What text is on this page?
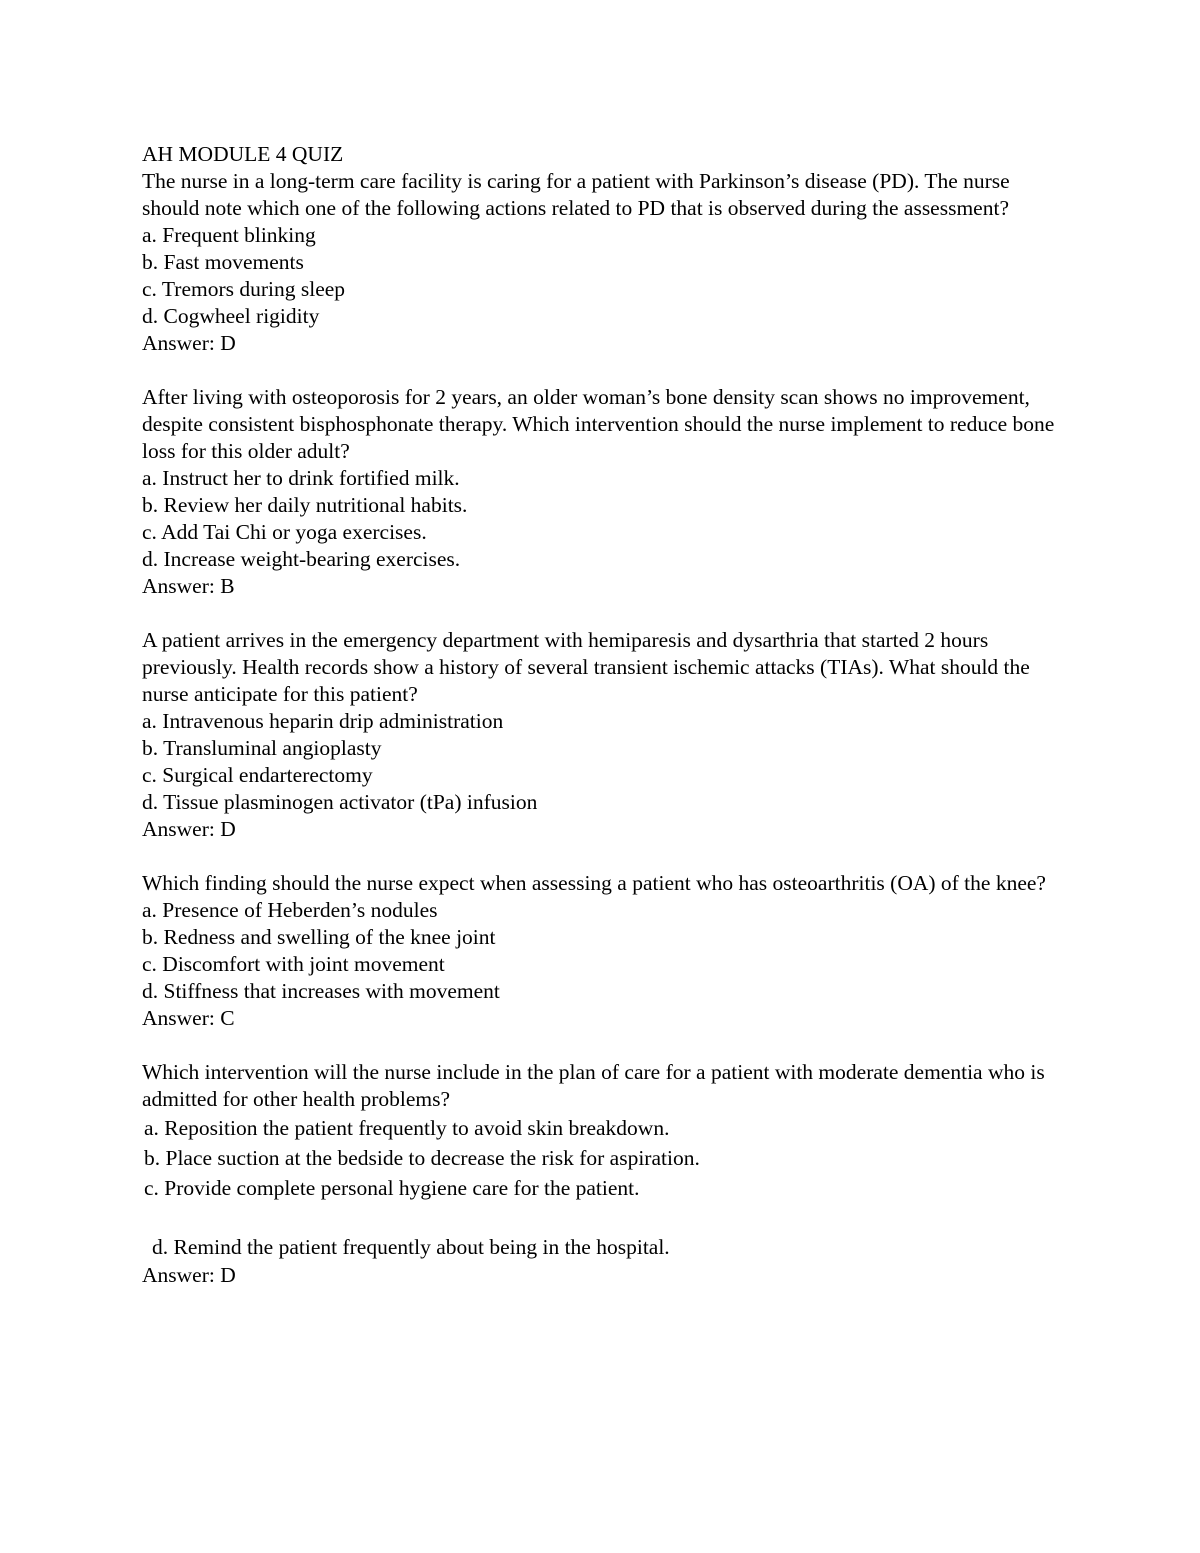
AH MODULE 4 QUIZ
The nurse in a long-term care facility is caring for a patient with Parkinson’s disease (PD). The nurse should note which one of the following actions related to PD that is observed during the assessment?
a. Frequent blinking
b. Fast movements
c. Tremors during sleep
d. Cogwheel rigidity
Answer: D
After living with osteoporosis for 2 years, an older woman’s bone density scan shows no improvement, despite consistent bisphosphonate therapy. Which intervention should the nurse implement to reduce bone loss for this older adult?
a. Instruct her to drink fortified milk.
b. Review her daily nutritional habits.
c. Add Tai Chi or yoga exercises.
d. Increase weight-bearing exercises.
Answer: B
A patient arrives in the emergency department with hemiparesis and dysarthria that started 2 hours previously. Health records show a history of several transient ischemic attacks (TIAs). What should the nurse anticipate for this patient?
a. Intravenous heparin drip administration
b. Transluminal angioplasty
c. Surgical endarterectomy
d. Tissue plasminogen activator (tPa) infusion
Answer: D
Which finding should the nurse expect when assessing a patient who has osteoarthritis (OA) of the knee?
a. Presence of Heberden’s nodules
b. Redness and swelling of the knee joint
c. Discomfort with joint movement
d. Stiffness that increases with movement
Answer: C
Which intervention will the nurse include in the plan of care for a patient with moderate dementia who is admitted for other health problems?
a. Reposition the patient frequently to avoid skin breakdown.
b. Place suction at the bedside to decrease the risk for aspiration.
c. Provide complete personal hygiene care for the patient.
d. Remind the patient frequently about being in the hospital.
Answer: D
